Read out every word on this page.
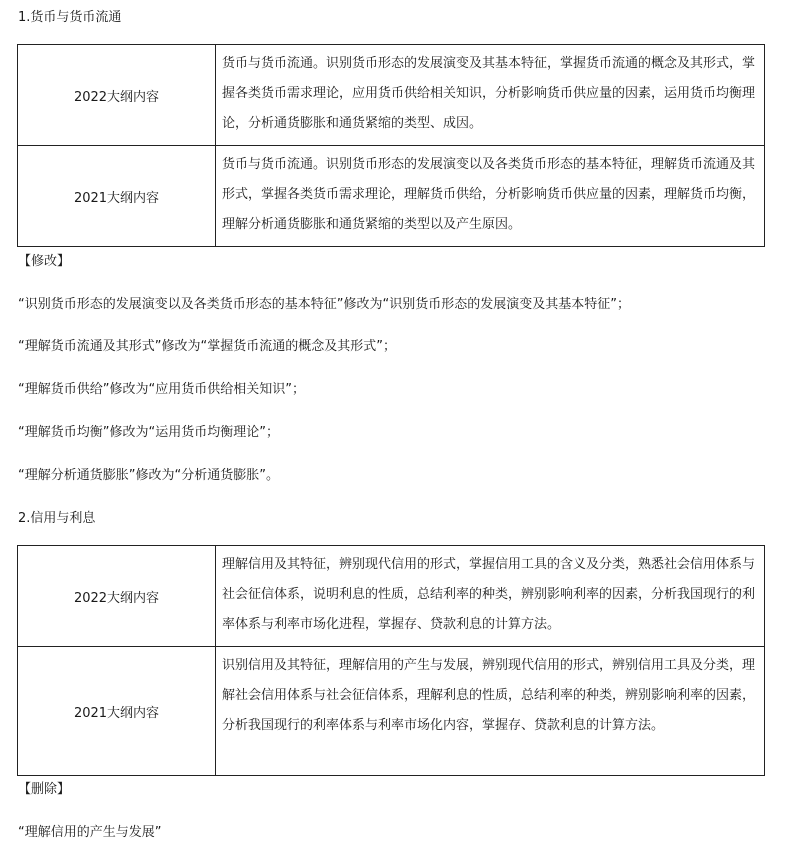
1.货币与货币流通
2022大纲内容	货币与货币流通。识别货币形态的发展演变及其基本特征，掌握货币流通的概念及其形式，掌握各类货币需求理论，应用货币供给相关知识，分析影响货币供应量的因素，运用货币均衡理论，分析通货膨胀和通货紧缩的类型、成因。
2021大纲内容	货币与货币流通。识别货币形态的发展演变以及各类货币形态的基本特征，理解货币流通及其形式，掌握各类货币需求理论，理解货币供给，分析影响货币供应量的因素，理解货币均衡，理解分析通货膨胀和通货紧缩的类型以及产生原因。
【修改】
“识别货币形态的发展演变以及各类货币形态的基本特征”修改为“识别货币形态的发展演变及其基本特征”；
“理解货币流通及其形式”修改为“掌握货币流通的概念及其形式”；
“理解货币供给”修改为“应用货币供给相关知识”；
“理解货币均衡”修改为“运用货币均衡理论”；
“理解分析通货膨胀”修改为“分析通货膨胀”。
2.信用与利息
2022大纲内容	理解信用及其特征，辨别现代信用的形式，掌握信用工具的含义及分类，熟悉社会信用体系与社会征信体系，说明利息的性质，总结利率的种类，辨别影响利率的因素，分析我国现行的利率体系与利率市场化进程，掌握存、贷款利息的计算方法。
2021大纲内容	识别信用及其特征，理解信用的产生与发展，辨别现代信用的形式，辨别信用工具及分类，理解社会信用体系与社会征信体系，理解利息的性质，总结利率的种类，辨别影响利率的因素，分析我国现行的利率体系与利率市场化内容，掌握存、贷款利息的计算方法。
【删除】
“理解信用的产生与发展”
